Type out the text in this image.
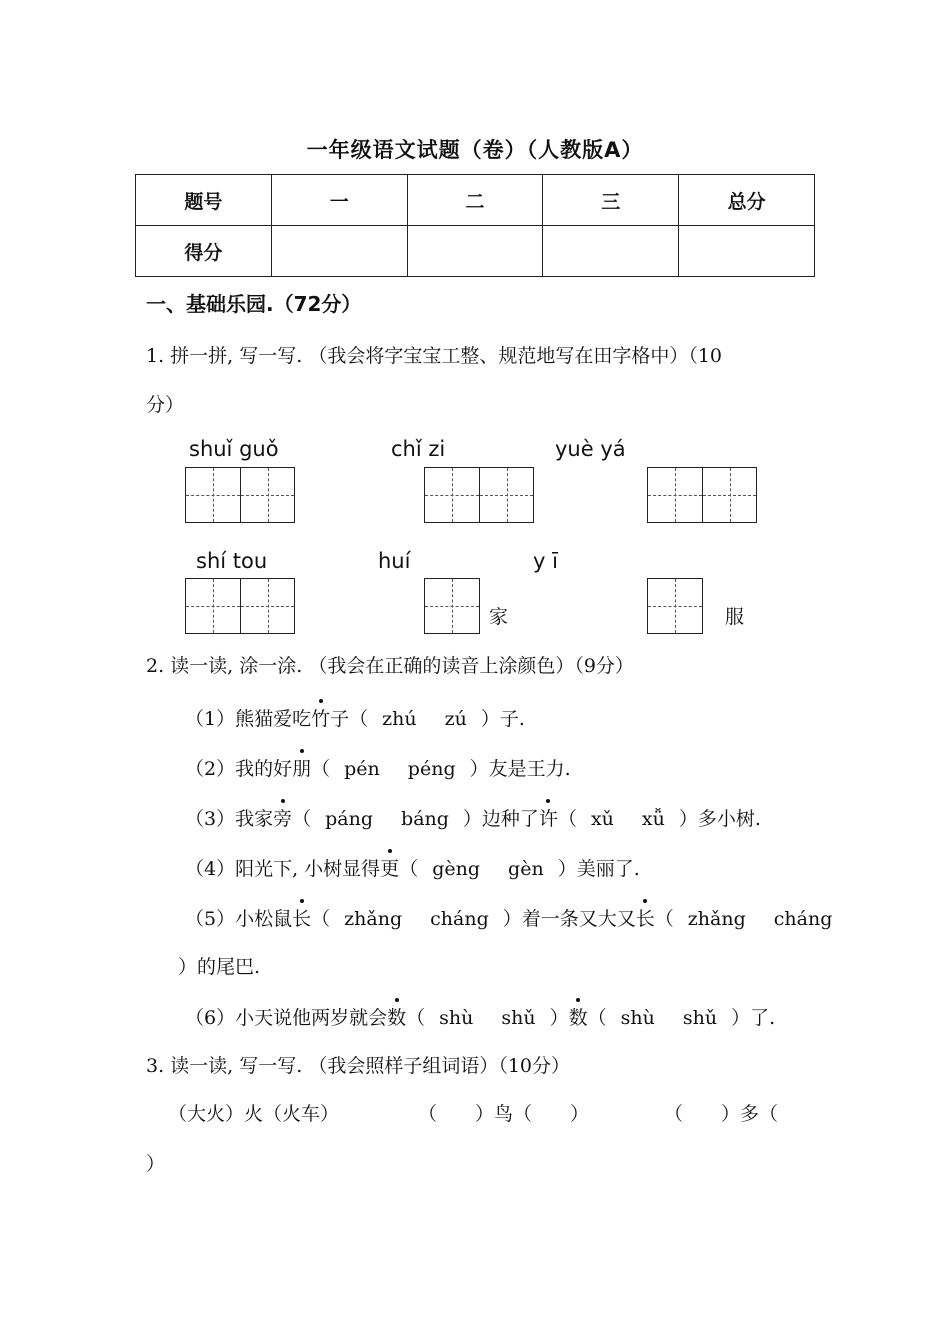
一年级语文试题（卷）（人教版A）
题号	一	二	三	总分
得分				
一、基础乐园.（72分）
1. 拼一拼, 写一写. （我会将字宝宝工整、规范地写在田字格中）（10
分）
shuǐ guǒ	chǐ zi	yuè yá
shí tou	huí	y ī
家	服
2. 读一读, 涂一涂. （我会在正确的读音上涂颜色）（9分）
（1）熊猫爱吃竹子（ zhú zú ）子.
（2）我的好朋（ pén péng ）友是王力.
（3）我家旁（ páng báng ）边种了许（ xǔ xǚ ）多小树.
（4）阳光下, 小树显得更（ gèng gèn ）美丽了.
（5）小松鼠长（ zhǎng cháng ）着一条又大又长（ zhǎng cháng
）的尾巴.
（6）小天说他两岁就会数（ shù shǔ ）数（ shù shǔ ）了.
3. 读一读, 写一写. （我会照样子组词语）（10分）
（大火）火（火车）	（　　）鸟（　　）	（　　）多（
）
